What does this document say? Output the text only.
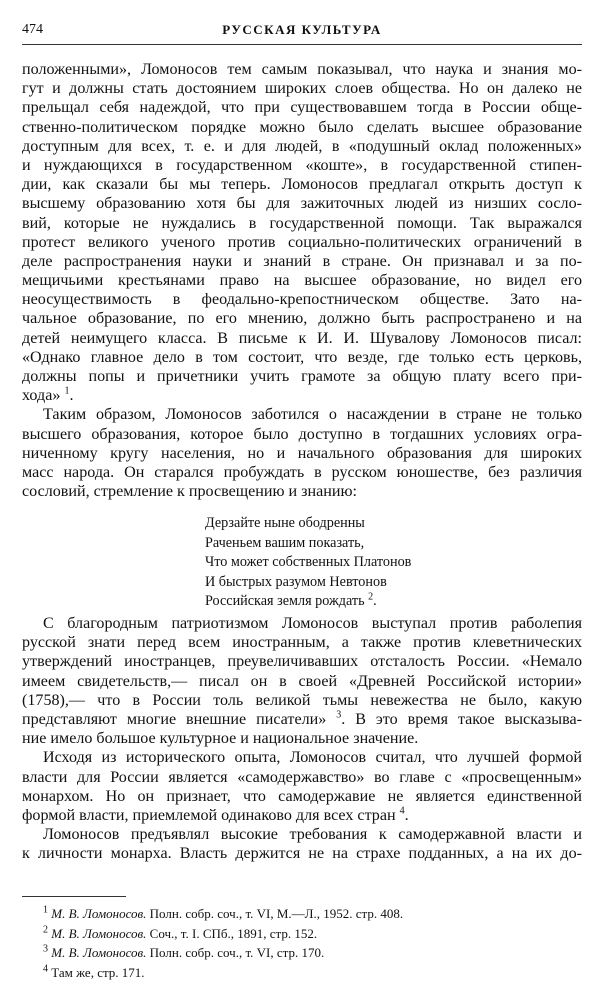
474	РУССКАЯ КУЛЬТУРА
положенными», Ломоносов тем самым показывал, что наука и знания мо-
гут и должны стать достоянием широких слоев общества. Но он далеко не
прельщал себя надеждой, что при существовавшем тогда в России обще-
ственно-политическом порядке можно было сделать высшее образование
доступным для всех, т. е. и для людей, в «подушный оклад положенных»
и нуждающихся в государственном «коште», в государственной стипен-
дии, как сказали бы мы теперь. Ломоносов предлагал открыть доступ к
высшему образованию хотя бы для зажиточных людей из низших сосло-
вий, которые не нуждались в государственной помощи. Так выражался
протест великого ученого против социально-политических ограничений в
деле распространения науки и знаний в стране. Он признавал и за по-
мещичьими крестьянами право на высшее образование, но видел его
неосуществимость в феодально-крепостническом обществе. Зато на-
чальное образование, по его мнению, должно быть распространено и на
детей неимущего класса. В письме к И. И. Шувалову Ломоносов писал:
«Однако главное дело в том состоит, что везде, где только есть церковь,
должны попы и причетники учить грамоте за общую плату всего при-
хода» $^1$.
Таким образом, Ломоносов заботился о насаждении в стране не только
высшего образования, которое было доступно в тогдашних условиях огра-
ниченному кругу населения, но и начального образования для широких
масс народа. Он старался пробуждать в русском юношестве, без различия
сословий, стремление к просвещению и знанию:
Дерзайте ныне ободренны
Раченьем вашим показать,
Что может собственных Платонов
И быстрых разумом Невтонов
Российская земля рождать $^2$.
С благородным патриотизмом Ломоносов выступал против раболепия
русской знати перед всем иностранным, а также против клеветнических
утверждений иностранцев, преувеличивавших отсталость России. «Немало
имеем свидетельств,— писал он в своей «Древней Российской истории»
(1758),— что в России толь великой тьмы невежества не было, какую
представляют многие внешние писатели» $^3$. В это время такое высказыва-
ние имело большое культурное и национальное значение.
Исходя из исторического опыта, Ломоносов считал, что лучшей формой
власти для России является «самодержавство» во главе с «просвещенным»
монархом. Но он признает, что самодержавие не является единственной
формой власти, приемлемой одинаково для всех стран $^4$.
Ломоносов предъявлял высокие требования к самодержавной власти и
к личности монарха. Власть держится не на страхе подданных, а на их до-
$^1$ М. В. Ломоносов. Полн. собр. соч., т. VI, М.—Л., 1952. стр. 408.
$^2$ М. В. Ломоносов. Соч., т. I. СПб., 1891, стр. 152.
$^3$ М. В. Ломоносов. Полн. собр. соч., т. VI, стр. 170.
$^4$ Там же, стр. 171.
